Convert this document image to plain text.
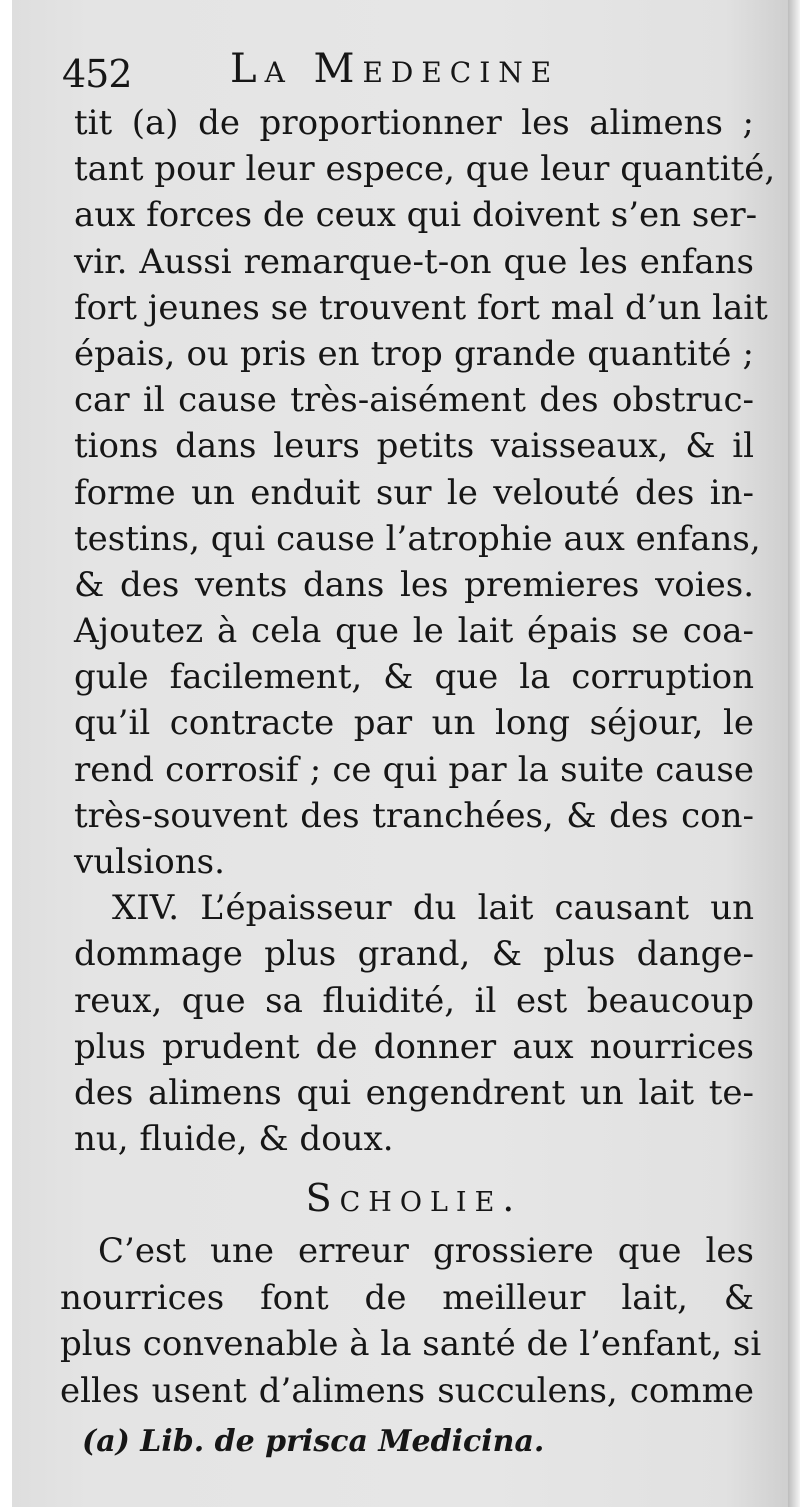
452 La Medecine
tit (a) de proportionner les alimens ;
tant pour leur espece, que leur quantité,
aux forces de ceux qui doivent s’en ser-
vir. Aussi remarque-t-on que les enfans
fort jeunes se trouvent fort mal d’un lait
épais, ou pris en trop grande quantité ;
car il cause très-aisément des obstruc-
tions dans leurs petits vaisseaux, & il
forme un enduit sur le velouté des in-
testins, qui cause l’atrophie aux enfans,
& des vents dans les premieres voies.
Ajoutez à cela que le lait épais se coa-
gule facilement, & que la corruption
qu’il contracte par un long séjour, le
rend corrosif ; ce qui par la suite cause
très-souvent des tranchées, & des con-
vulsions.
XIV. L’épaisseur du lait causant un
dommage plus grand, & plus dange-
reux, que sa fluidité, il est beaucoup
plus prudent de donner aux nourrices
des alimens qui engendrent un lait te-
nu, fluide, & doux.
Scholie.
C’est une erreur grossiere que les
nourrices font de meilleur lait, &
plus convenable à la santé de l’enfant, si
elles usent d’alimens succulens, comme
(a) Lib. de prisca Medicina.
